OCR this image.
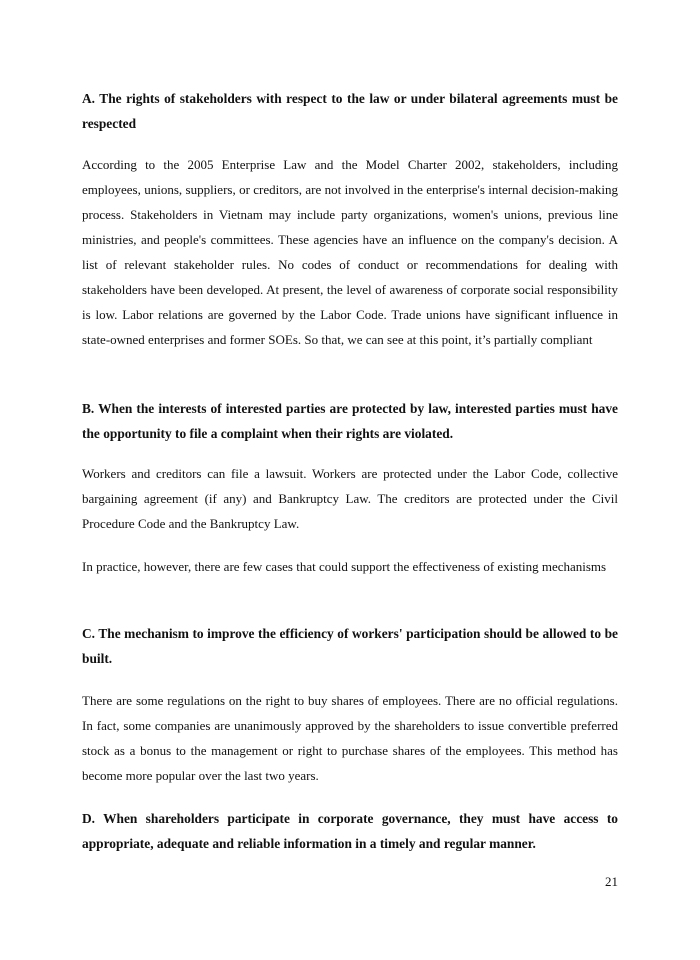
A. The rights of stakeholders with respect to the law or under bilateral agreements must be respected

According to the 2005 Enterprise Law and the Model Charter 2002, stakeholders, including employees, unions, suppliers, or creditors, are not involved in the enterprise's internal decision-making process. Stakeholders in Vietnam may include party organizations, women's unions, previous line ministries, and people's committees. These agencies have an influence on the company's decision. A list of relevant stakeholder rules. No codes of conduct or recommendations for dealing with stakeholders have been developed. At present, the level of awareness of corporate social responsibility is low. Labor relations are governed by the Labor Code. Trade unions have significant influence in state-owned enterprises and former SOEs. So that, we can see at this point, it’s partially compliant

B. When the interests of interested parties are protected by law, interested parties must have the opportunity to file a complaint when their rights are violated.

Workers and creditors can file a lawsuit. Workers are protected under the Labor Code, collective bargaining agreement (if any) and Bankruptcy Law. The creditors are protected under the Civil Procedure Code and the Bankruptcy Law.

In practice, however, there are few cases that could support the effectiveness of existing mechanisms

C. The mechanism to improve the efficiency of workers' participation should be allowed to be built.

There are some regulations on the right to buy shares of employees. There are no official regulations. In fact, some companies are unanimously approved by the shareholders to issue convertible preferred stock as a bonus to the management or right to purchase shares of the employees. This method has become more popular over the last two years.

D. When shareholders participate in corporate governance, they must have access to appropriate, adequate and reliable information in a timely and regular manner.

21
